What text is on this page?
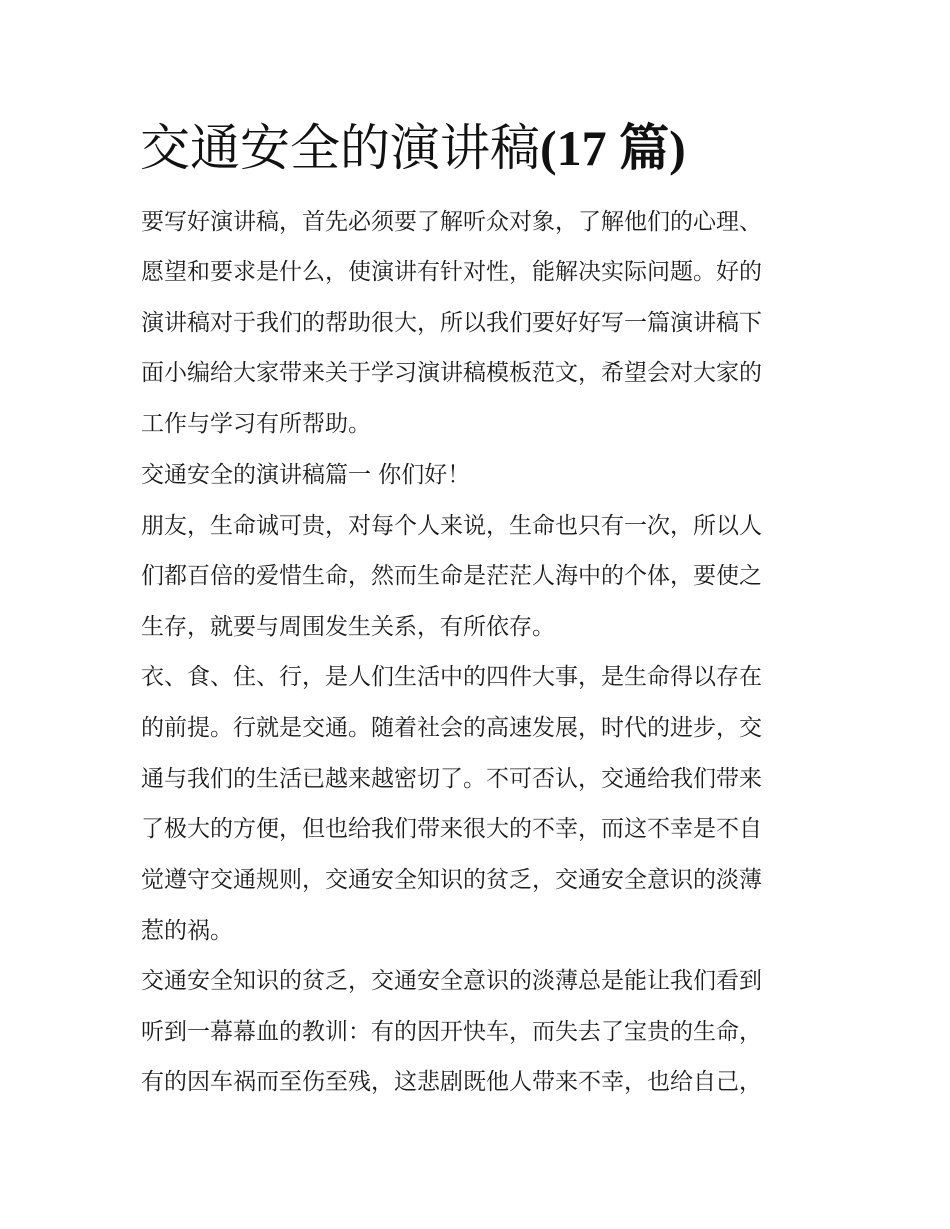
交通安全的演讲稿(17 篇)

要写好演讲稿，首先必须要了解听众对象，了解他们的心理、

愿望和要求是什么，使演讲有针对性，能解决实际问题。好的

演讲稿对于我们的帮助很大，所以我们要好好写一篇演讲稿下

面小编给大家带来关于学习演讲稿模板范文，希望会对大家的

工作与学习有所帮助。

交通安全的演讲稿篇一 你们好！

朋友，生命诚可贵，对每个人来说，生命也只有一次，所以人

们都百倍的爱惜生命，然而生命是茫茫人海中的个体，要使之

生存，就要与周围发生关系，有所依存。

衣、食、住、行，是人们生活中的四件大事，是生命得以存在

的前提。行就是交通。随着社会的高速发展，时代的进步，交

通与我们的生活已越来越密切了。不可否认，交通给我们带来

了极大的方便，但也给我们带来很大的不幸，而这不幸是不自

觉遵守交通规则，交通安全知识的贫乏，交通安全意识的淡薄

惹的祸。

交通安全知识的贫乏，交通安全意识的淡薄总是能让我们看到

听到一幕幕血的教训：有的因开快车，而失去了宝贵的生命，

有的因车祸而至伤至残，这悲剧既他人带来不幸，也给自己，
